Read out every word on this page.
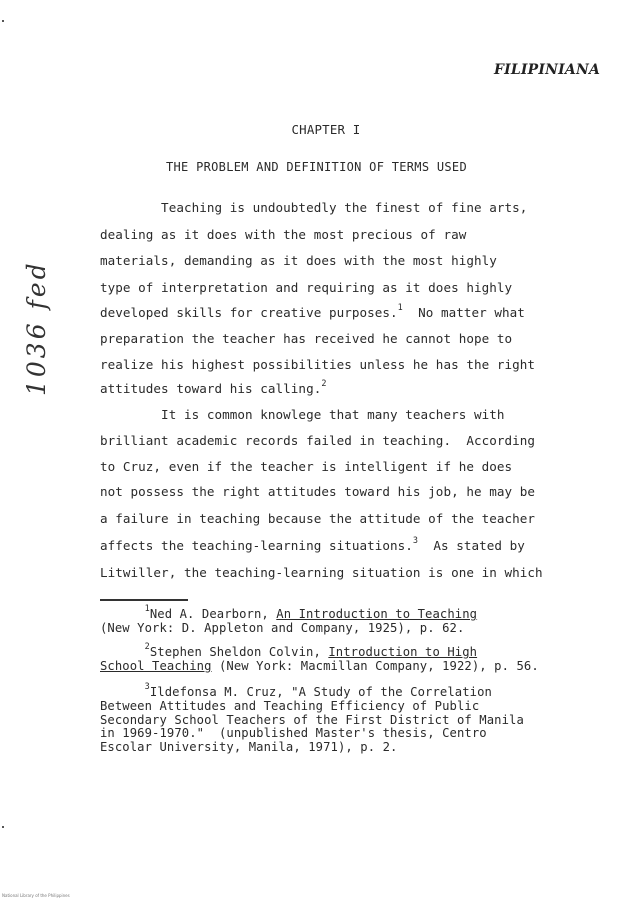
FILIPINIANA
CHAPTER I
THE PROBLEM AND DEFINITION OF TERMS USED
Teaching is undoubtedly the finest of fine arts,
dealing as it does with the most precious of raw
materials, demanding as it does with the most highly
type of interpretation and requiring as it does highly
developed skills for creative purposes.$^1$  No matter what
preparation the teacher has received he cannot hope to
realize his highest possibilities unless he has the right
attitudes toward his calling.$^2$
It is common knowlege that many teachers with
brilliant academic records failed in teaching.  According
to Cruz, even if the teacher is intelligent if he does
not possess the right attitudes toward his job, he may be
a failure in teaching because the attitude of the teacher
affects the teaching-learning situations.$^3$  As stated by
Litwiller, the teaching-learning situation is one in which
$^1$Ned A. Dearborn, An Introduction to Teaching
(New York: D. Appleton and Company, 1925), p. 62.
$^2$Stephen Sheldon Colvin, Introduction to High
School Teaching (New York: Macmillan Company, 1922), p. 56.
$^3$Ildefonsa M. Cruz, "A Study of the Correlation
Between Attitudes and Teaching Efficiency of Public
Secondary School Teachers of the First District of Manila
in 1969-1970."  (unpublished Master's thesis, Centro
Escolar University, Manila, 1971), p. 2.
1036 fed
National Library of the Philippines
